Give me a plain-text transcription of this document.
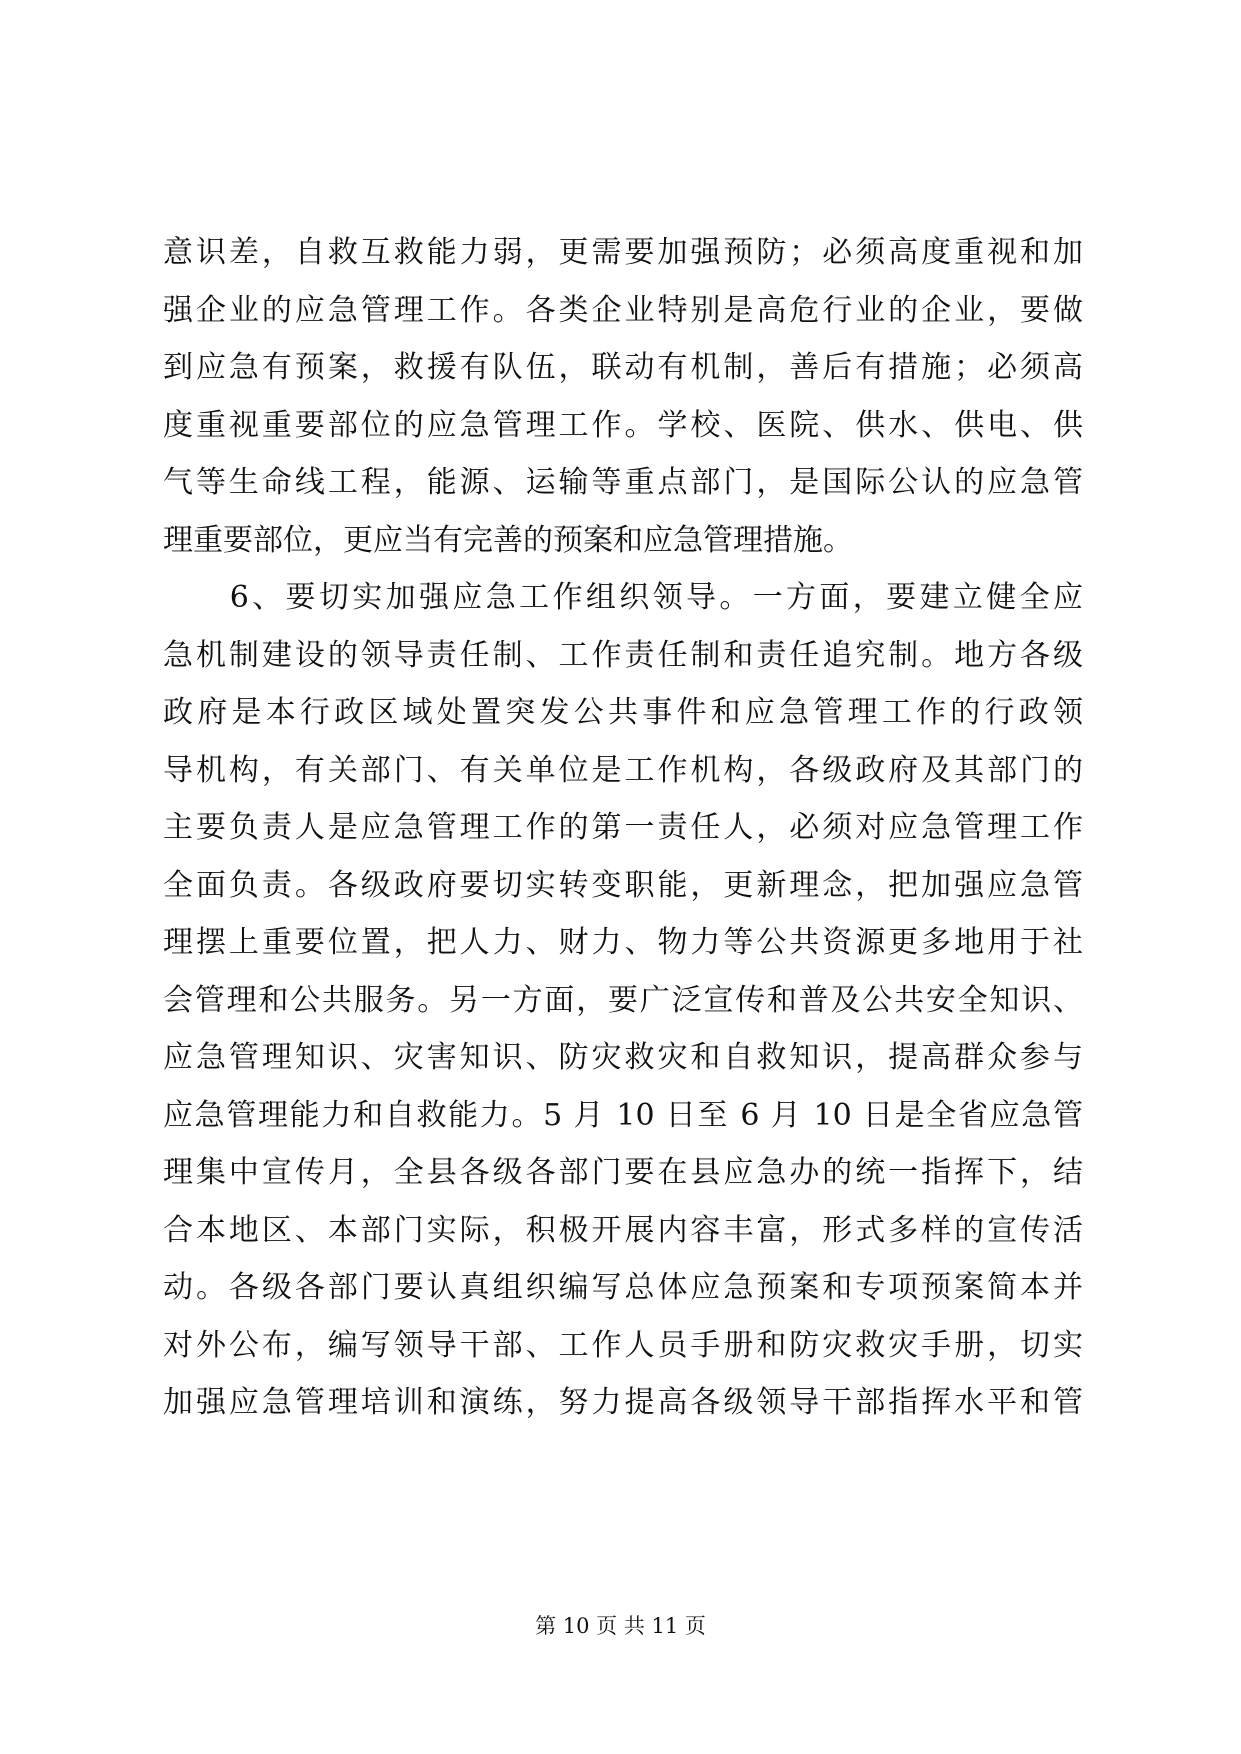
意识差，自救互救能力弱，更需要加强预防；必须高度重视和加
强企业的应急管理工作。各类企业特别是高危行业的企业，要做
到应急有预案，救援有队伍，联动有机制，善后有措施；必须高
度重视重要部位的应急管理工作。学校、医院、供水、供电、供
气等生命线工程，能源、运输等重点部门，是国际公认的应急管
理重要部位，更应当有完善的预案和应急管理措施。
　　6、要切实加强应急工作组织领导。一方面，要建立健全应
急机制建设的领导责任制、工作责任制和责任追究制。地方各级
政府是本行政区域处置突发公共事件和应急管理工作的行政领
导机构，有关部门、有关单位是工作机构，各级政府及其部门的
主要负责人是应急管理工作的第一责任人，必须对应急管理工作
全面负责。各级政府要切实转变职能，更新理念，把加强应急管
理摆上重要位置，把人力、财力、物力等公共资源更多地用于社
会管理和公共服务。另一方面，要广泛宣传和普及公共安全知识、
应急管理知识、灾害知识、防灾救灾和自救知识，提高群众参与
应急管理能力和自救能力。5 月 10 日至 6 月 10 日是全省应急管
理集中宣传月，全县各级各部门要在县应急办的统一指挥下，结
合本地区、本部门实际，积极开展内容丰富，形式多样的宣传活
动。各级各部门要认真组织编写总体应急预案和专项预案简本并
对外公布，编写领导干部、工作人员手册和防灾救灾手册，切实
加强应急管理培训和演练，努力提高各级领导干部指挥水平和管
第 10 页 共 11 页
